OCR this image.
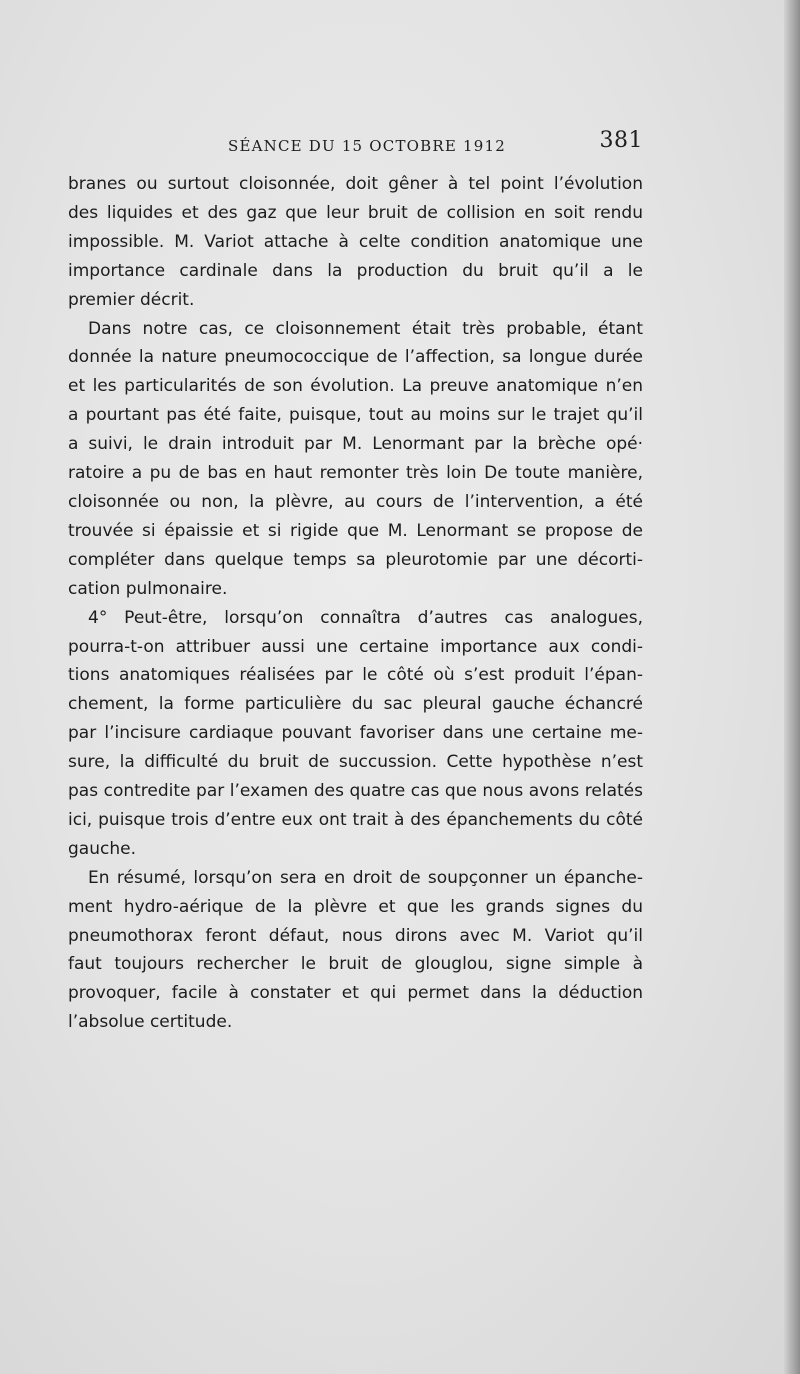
SÉANCE DU 15 OCTOBRE 1912	381
branes ou surtout cloisonnée, doit gêner à tel point l’évolution
des liquides et des gaz que leur bruit de collision en soit rendu
impossible. M. Variot attache à celte condition anatomique une
importance cardinale dans la production du bruit qu’il a le
premier décrit.
Dans notre cas, ce cloisonnement était très probable, étant
donnée la nature pneumococcique de l’affection, sa longue durée
et les particularités de son évolution. La preuve anatomique n’en
a pourtant pas été faite, puisque, tout au moins sur le trajet qu’il
a suivi, le drain introduit par M. Lenormant par la brèche opé·
ratoire a pu de bas en haut remonter très loin De toute manière,
cloisonnée ou non, la plèvre, au cours de l’intervention, a été
trouvée si épaissie et si rigide que M. Lenormant se propose de
compléter dans quelque temps sa pleurotomie par une décorti-
cation pulmonaire.
4° Peut-être, lorsqu’on connaîtra d’autres cas analogues,
pourra-t-on attribuer aussi une certaine importance aux condi-
tions anatomiques réalisées par le côté où s’est produit l’épan-
chement, la forme particulière du sac pleural gauche échancré
par l’incisure cardiaque pouvant favoriser dans une certaine me-
sure, la difficulté du bruit de succussion. Cette hypothèse n’est
pas contredite par l’examen des quatre cas que nous avons relatés
ici, puisque trois d’entre eux ont trait à des épanchements du côté
gauche.
En résumé, lorsqu’on sera en droit de soupçonner un épanche-
ment hydro-aérique de la plèvre et que les grands signes du
pneumothorax feront défaut, nous dirons avec M. Variot qu’il
faut toujours rechercher le bruit de glouglou, signe simple à
provoquer, facile à constater et qui permet dans la déduction
l’absolue certitude.
